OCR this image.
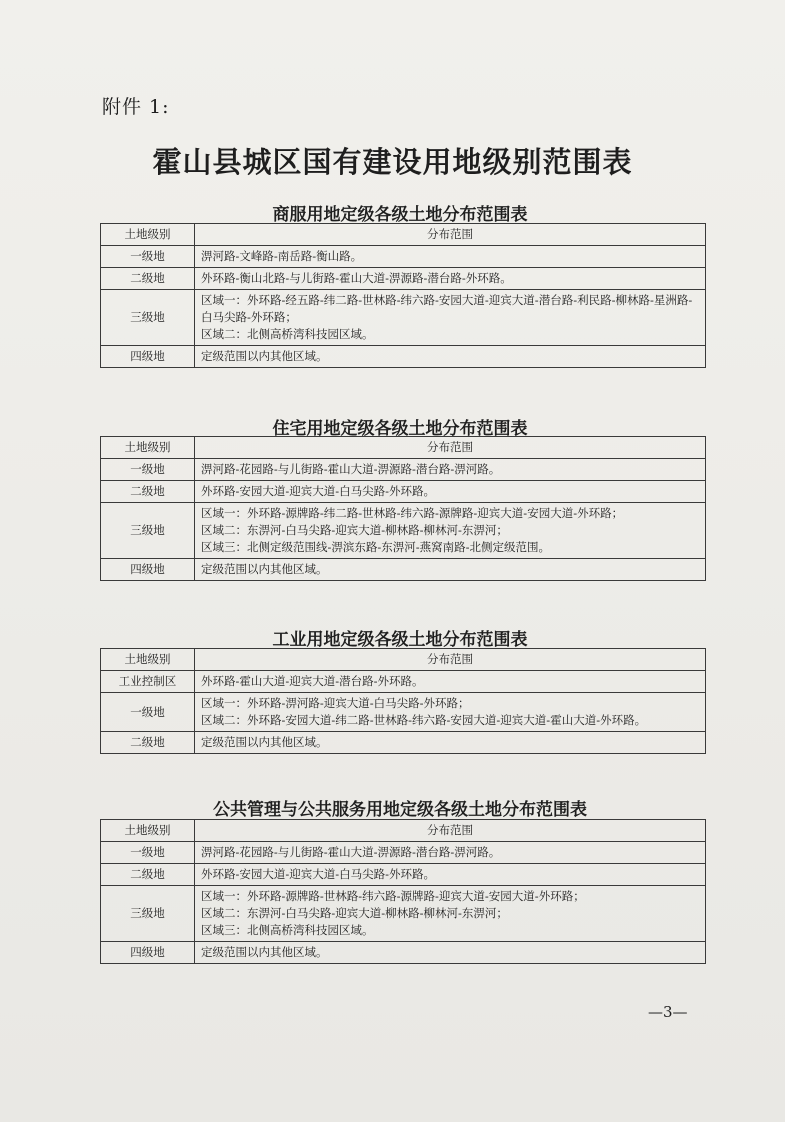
附件 1:
霍山县城区国有建设用地级别范围表
商服用地定级各级土地分布范围表
土地级别	分布范围
一级地	淠河路-文峰路-南岳路-衡山路。

二级地	外环路-衡山北路-与儿街路-霍山大道-淠源路-潜台路-外环路。

三级地	区域一：外环路-经五路-纬二路-世林路-纬六路-安园大道-迎宾大道-潜台路-利民路-柳林路-星洲路-白马尖路-外环路；
区域二：北侧高桥湾科技园区域。

四级地	定级范围以内其他区域。
住宅用地定级各级土地分布范围表
土地级别	分布范围
一级地	淠河路-花园路-与儿街路-霍山大道-淠源路-潜台路-淠河路。

二级地	外环路-安园大道-迎宾大道-白马尖路-外环路。

三级地	区域一：外环路-源牌路-纬二路-世林路-纬六路-源牌路-迎宾大道-安园大道-外环路；
区域二：东淠河-白马尖路-迎宾大道-柳林路-柳林河-东淠河；
区域三：北侧定级范围线-淠滨东路-东淠河-燕窝南路-北侧定级范围。

四级地	定级范围以内其他区域。
工业用地定级各级土地分布范围表
土地级别	分布范围
工业控制区	外环路-霍山大道-迎宾大道-潜台路-外环路。

一级地	区域一：外环路-淠河路-迎宾大道-白马尖路-外环路；
区域二：外环路-安园大道-纬二路-世林路-纬六路-安园大道-迎宾大道-霍山大道-外环路。

二级地	定级范围以内其他区域。
公共管理与公共服务用地定级各级土地分布范围表
土地级别	分布范围
一级地	淠河路-花园路-与儿街路-霍山大道-淠源路-潜台路-淠河路。

二级地	外环路-安园大道-迎宾大道-白马尖路-外环路。

三级地	区域一：外环路-源牌路-世林路-纬六路-源牌路-迎宾大道-安园大道-外环路；
区域二：东淠河-白马尖路-迎宾大道-柳林路-柳林河-东淠河；
区域三：北侧高桥湾科技园区域。

四级地	定级范围以内其他区域。
—3—
